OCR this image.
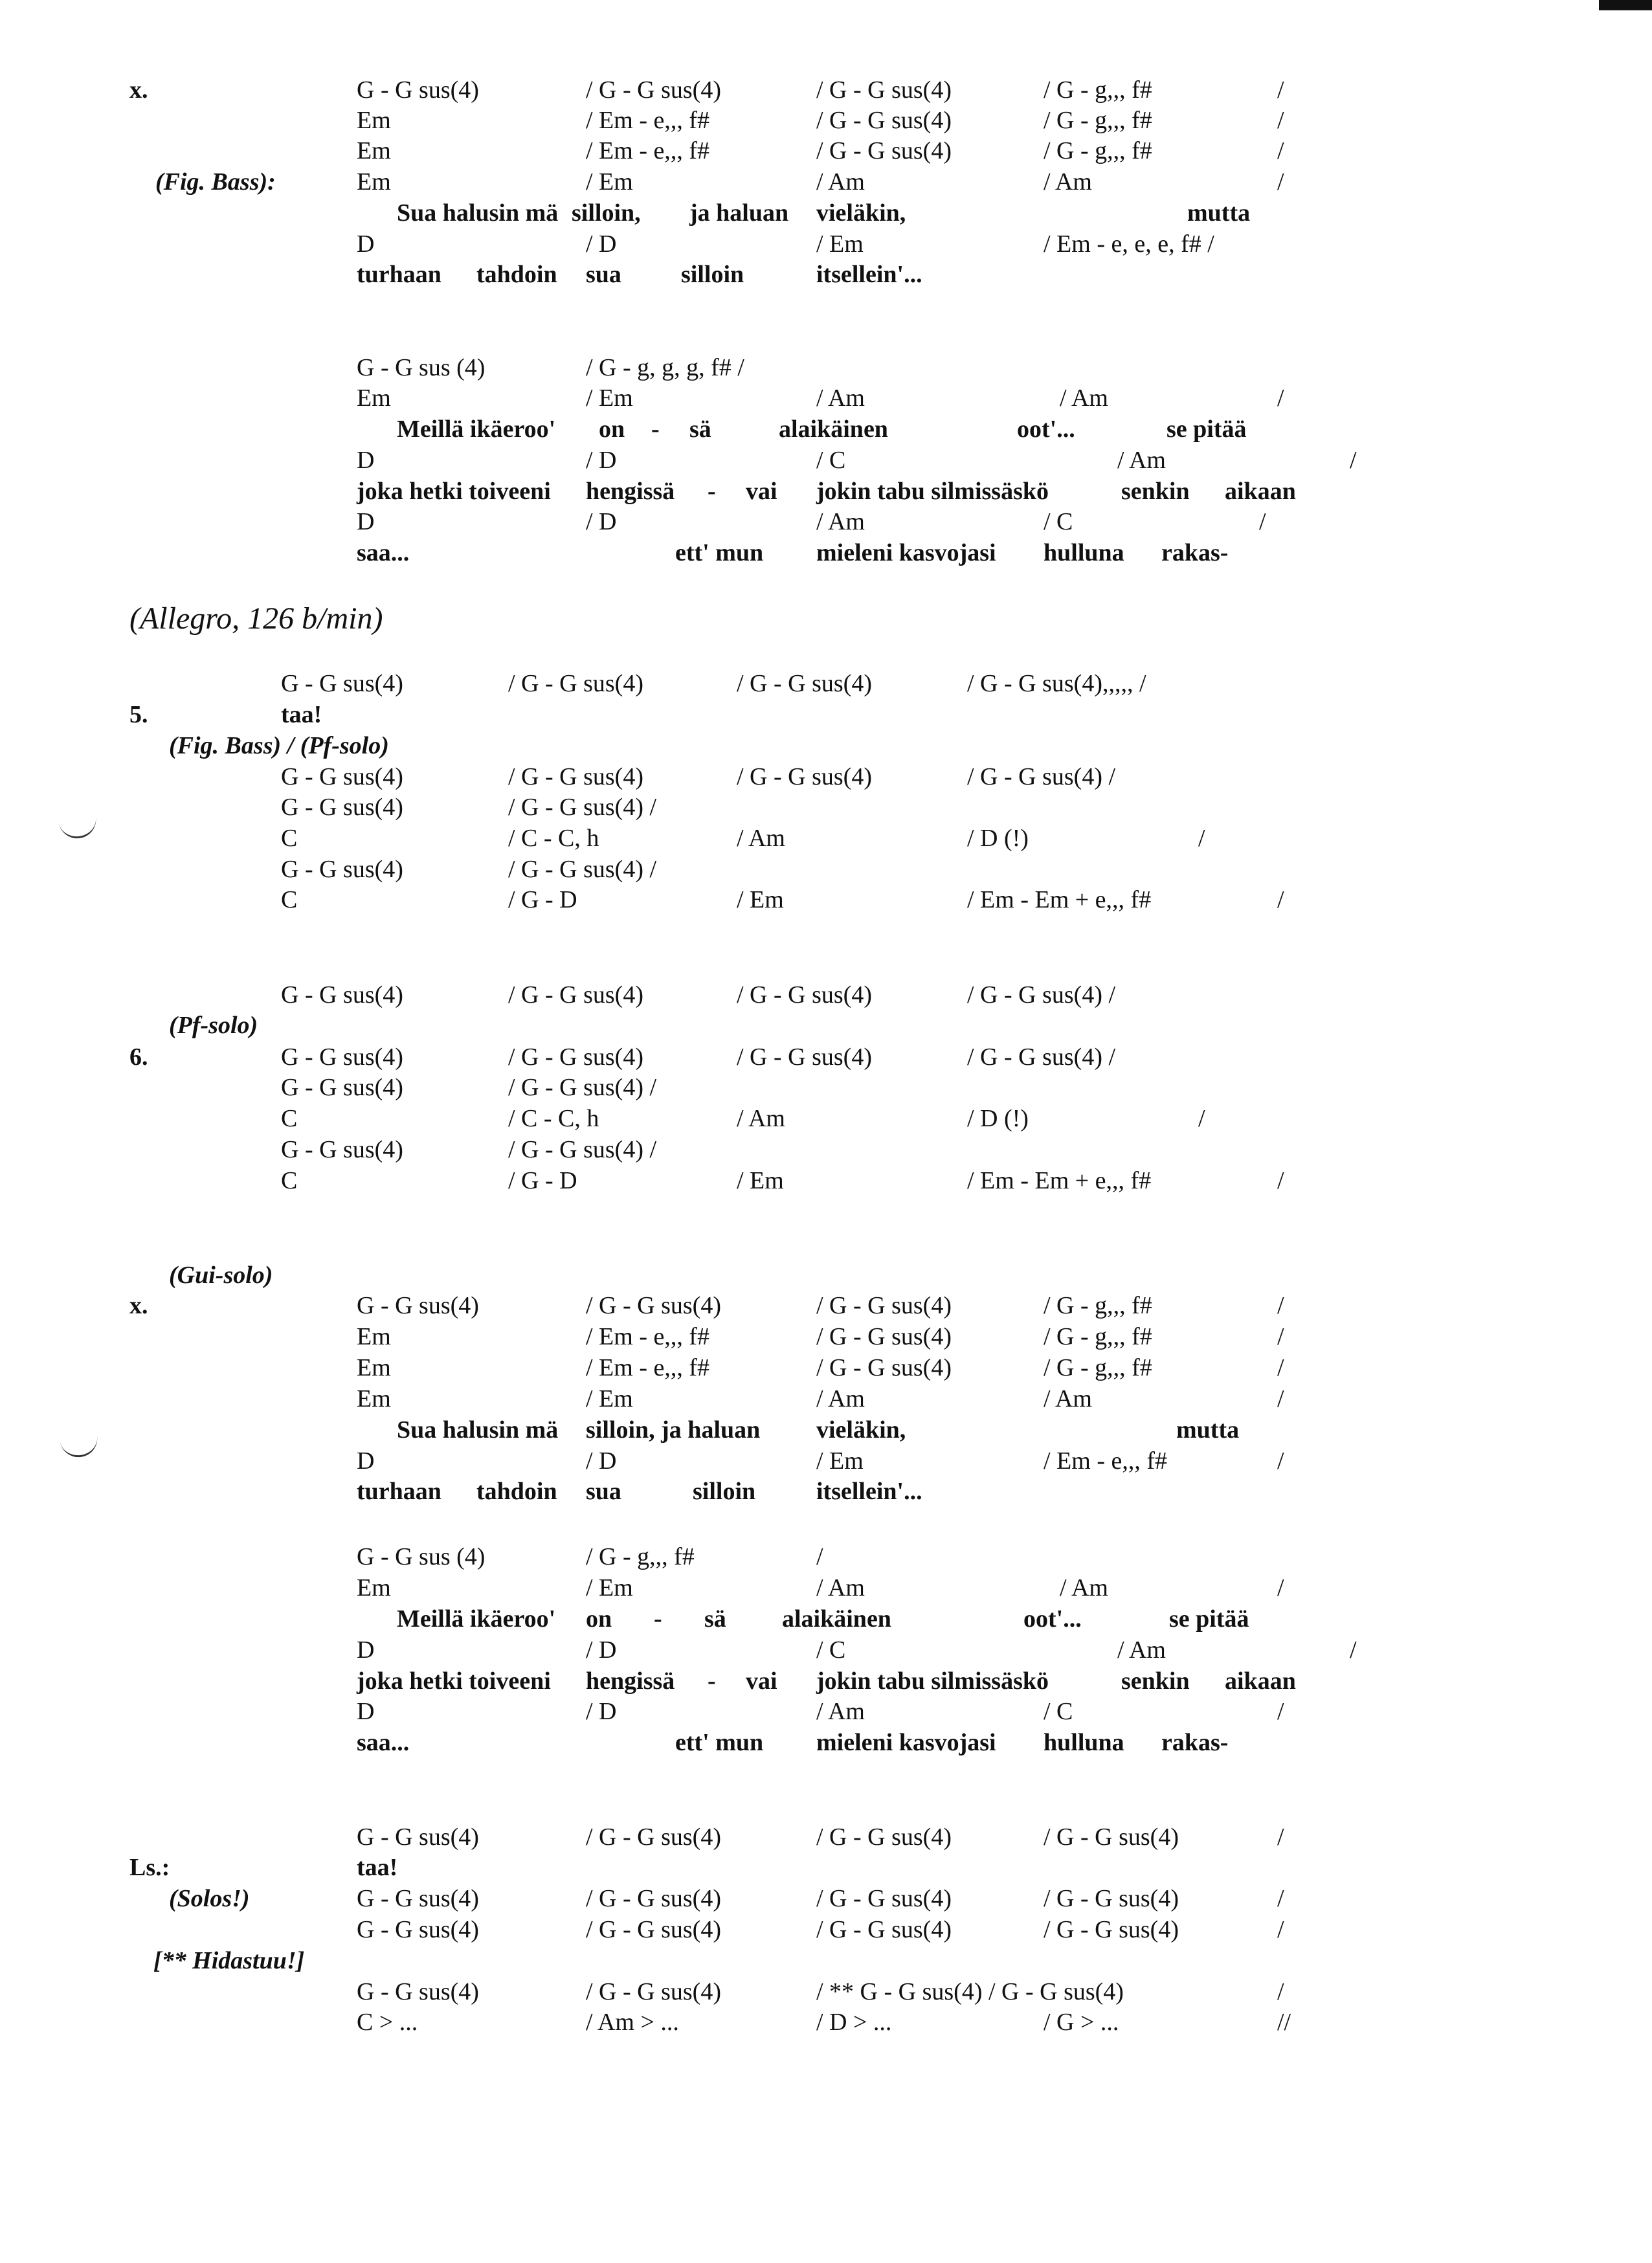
(Allegro, 126 b/min)
x.	G - G sus(4)	/ G - G sus(4)	/ G - G sus(4)	/ G - g,,, f#	/
Em	/ Em - e,,, f#	/ G - G sus(4)	/ G - g,,, f#	/
Em	/ Em - e,,, f#	/ G - G sus(4)	/ G - g,,, f#	/
(Fig. Bass):	Em	/ Em	/ Am	/ Am	/
Sua halusin mä silloin, ja haluan vieläkin,	mutta
D	/ D	/ Em	/ Em - e, e, e, f# /
turhaan tahdoin sua silloin	itsellein'...
G - G sus (4)	/ G - g, g, g, f# /
Em	/ Em	/ Am	/ Am	/
Meillä ikäeroo' on - sä	alaikäinen	oot'...	se pitää
D	/ D	/ C	/ Am	/
joka hetki toiveeni hengissä - vai jokin tabu silmissäskö	senkin aikaan
D	/ D	/ Am	/ C	/
saa...	ett' mun mieleni kasvojasi hulluna rakas-
G - G sus(4)	/ G - G sus(4)	/ G - G sus(4)	/ G - G sus(4),,,,, /
5.	taa!
(Fig. Bass) / (Pf-solo)
G - G sus(4)	/ G - G sus(4)	/ G - G sus(4)	/ G - G sus(4) /
G - G sus(4)	/ G - G sus(4) /
C	/ C - C, h	/ Am	/ D (!)	/
G - G sus(4)	/ G - G sus(4) /
C	/ G - D	/ Em	/ Em - Em + e,,, f#	/
G - G sus(4)	/ G - G sus(4)	/ G - G sus(4)	/ G - G sus(4) /
(Pf-solo)
6.	G - G sus(4)	/ G - G sus(4)	/ G - G sus(4)	/ G - G sus(4) /
G - G sus(4)	/ G - G sus(4) /
C	/ C - C, h	/ Am	/ D (!)	/
G - G sus(4)	/ G - G sus(4) /
C	/ G - D	/ Em	/ Em - Em + e,,, f#	/
(Gui-solo)
x.	G - G sus(4)	/ G - G sus(4)	/ G - G sus(4)	/ G - g,,, f#	/
Em	/ Em - e,,, f#	/ G - G sus(4)	/ G - g,,, f#	/
Em	/ Em - e,,, f#	/ G - G sus(4)	/ G - g,,, f#	/
Em	/ Em	/ Am	/ Am	/
Sua halusin mä silloin, ja haluan vieläkin,	mutta
D	/ D	/ Em	/ Em - e,,, f#	/
turhaan tahdoin sua	silloin itsellein'...
G - G sus (4)	/ G - g,,, f#	/
Em	/ Em	/ Am	/ Am	/
Meillä ikäeroo' on - sä alaikäinen	oot'...	se pitää
D	/ D	/ C	/ Am	/
joka hetki toiveeni hengissä - vai jokin tabu silmissäskö	senkin aikaan
D	/ D	/ Am	/ C	/
saa...	ett' mun mieleni kasvojasi hulluna rakas-
G - G sus(4)	/ G - G sus(4)	/ G - G sus(4)	/ G - G sus(4)	/
Ls.:	taa!
(Solos!)	G - G sus(4)	/ G - G sus(4)	/ G - G sus(4)	/ G - G sus(4)	/
G - G sus(4)	/ G - G sus(4)	/ G - G sus(4)	/ G - G sus(4)	/
[** Hidastuu!]
G - G sus(4)	/ G - G sus(4)	/ ** G - G sus(4) / G - G sus(4)	/
C > ...	/ Am > ...	/ D > ...	/ G > ...	//
